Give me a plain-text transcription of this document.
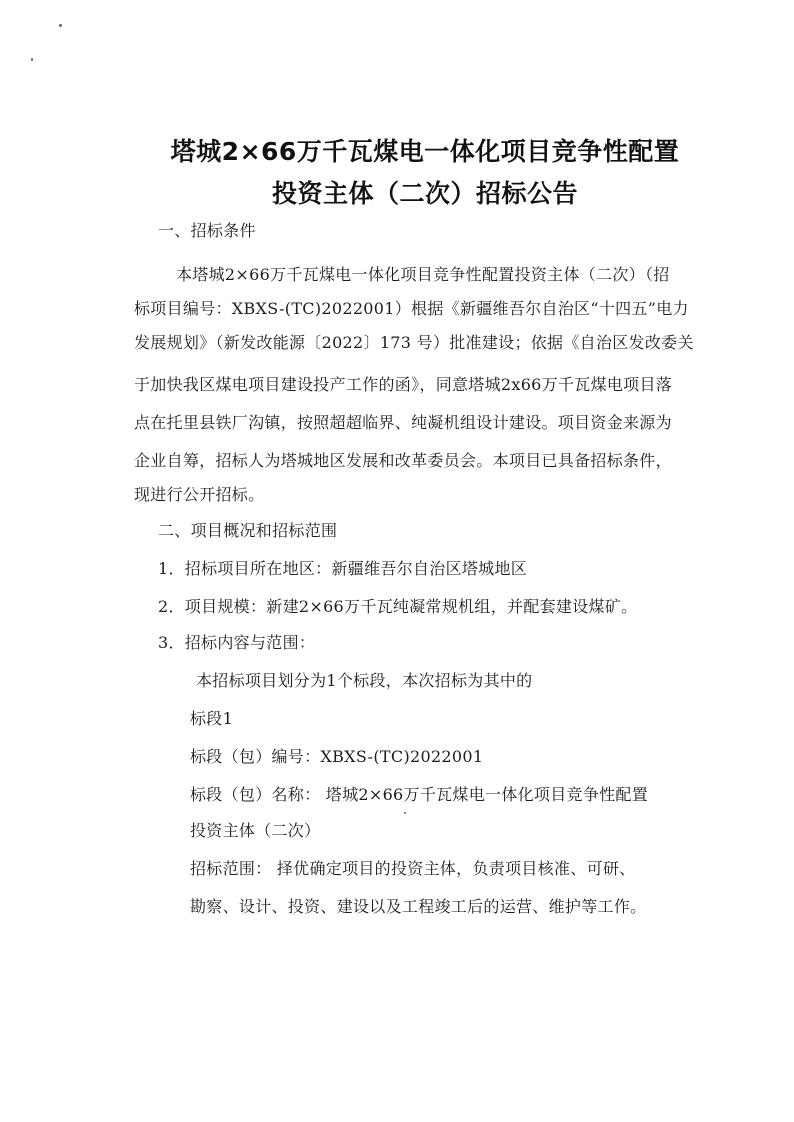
塔城2×66万千瓦煤电一体化项目竞争性配置
投资主体（二次）招标公告
一、招标条件
本塔城2×66万千瓦煤电一体化项目竞争性配置投资主体（二次）（招
标项目编号：XBXS-(TC)2022001）根据《新疆维吾尔自治区“十四五”电力
发展规划》（新发改能源〔2022〕173 号）批准建设；依据《自治区发改委关
于加快我区煤电项目建设投产工作的函》，同意塔城2x66万千瓦煤电项目落
点在托里县铁厂沟镇，按照超超临界、纯凝机组设计建设。项目资金来源为
企业自筹，招标人为塔城地区发展和改革委员会。本项目已具备招标条件，
现进行公开招标。
二、项目概况和招标范围
1．招标项目所在地区：新疆维吾尔自治区塔城地区
2．项目规模：新建2×66万千瓦纯凝常规机组，并配套建设煤矿。
3．招标内容与范围：
本招标项目划分为1个标段，本次招标为其中的
标段1
标段（包）编号：XBXS-(TC)2022001
标段（包）名称： 塔城2×66万千瓦煤电一体化项目竞争性配置
投资主体（二次）
招标范围： 择优确定项目的投资主体，负责项目核准、可研、
勘察、设计、投资、建设以及工程竣工后的运营、维护等工作。
